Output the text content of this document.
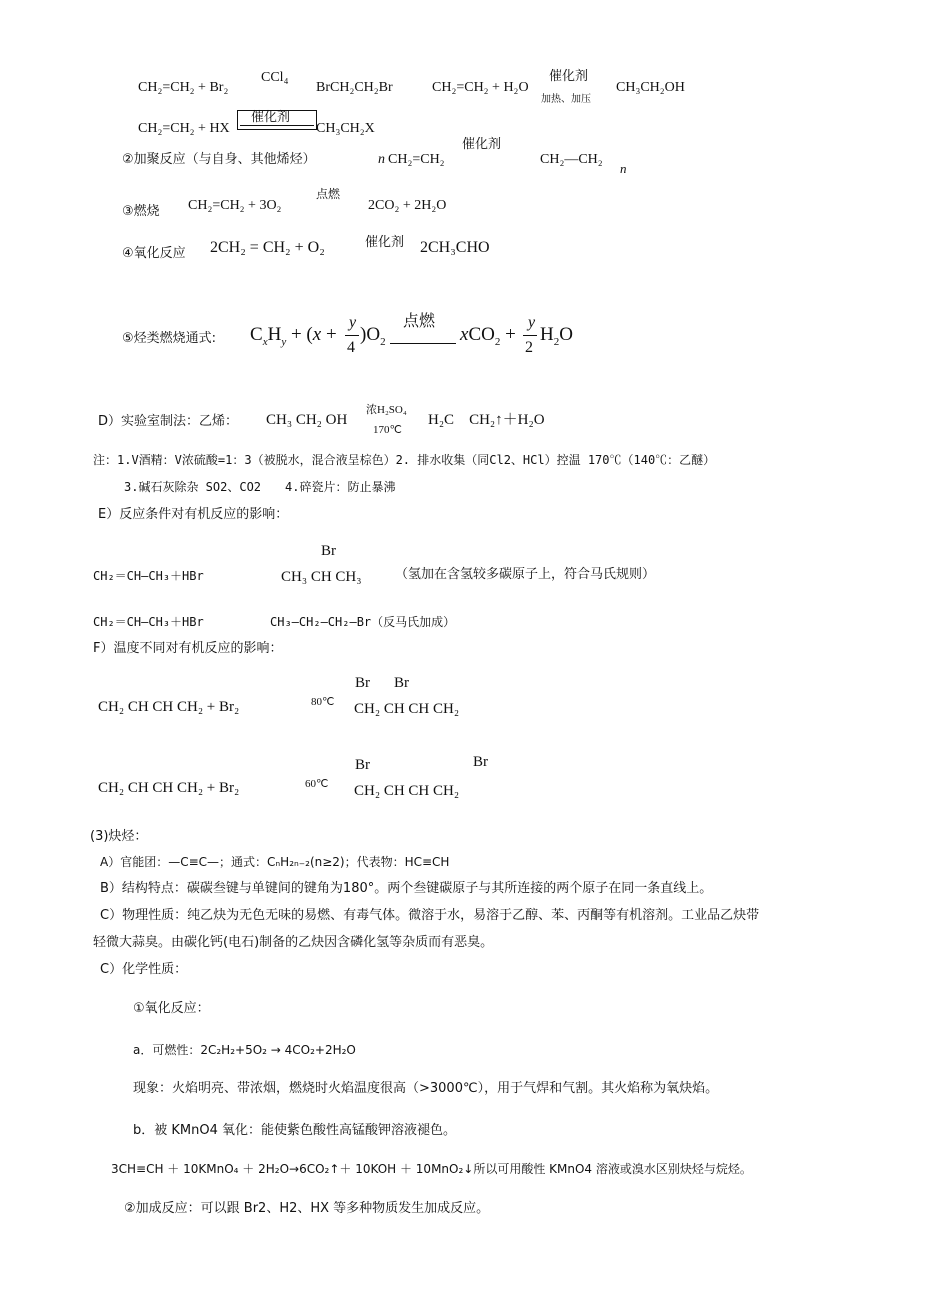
CH₂=CH₂ + Br₂
CCl₄
BrCH₂CH₂Br	CH₂=CH₂ + H₂O
催化剂
加热、加压
CH₃CH₂OH
CH₂=CH₂ + HX
催化剂
CH₃CH₂X
②加聚反应（与自身、其他烯烃）	n CH₂=CH₂
催化剂
CH₂—CH₂
n
③燃烧 CH₂=CH₂ + 3O₂
点燃
2CO₂ + 2H₂O
④氧化反应 2CH₂ = CH₂ + O₂	催化剂 2CH₃CHO
⑤烃类燃烧通式: $C_xH_y + (x$ +
y
4
)$O_2$
点燃
xCO$_2$ +
y
2
$H_2O$
D）实验室制法：乙烯： CH₃ CH₂ OH
浓H₂SO₄
170℃
H₂C　CH₂↑＋H₂O
注：1.V酒精：V浓硫酸=1：3（被脱水，混合液呈棕色）2. 排水收集（同Cl2、HCl）控温 170℃（140℃：乙醚）
3.碱石灰除杂 SO2、CO2　　4.碎瓷片：防止暴沸
E）反应条件对有机反应的影响：
CH₂＝CH—CH₃＋HBr
Br
CH₃ CH CH₃	（氢加在含氢较多碳原子上，符合马氏规则）
CH₂＝CH—CH₃＋HBr	CH₃—CH₂—CH₂—Br（反马氏加成）
F）温度不同对有机反应的影响：
CH₂ CH CH CH₂ + Br₂	80℃
Br Br
CH₂ CH CH CH₂
CH₂ CH CH CH₂ + Br₂	60℃
Br	Br
CH₂ CH CH CH₂
(3)炔烃：
A）官能团：—C≡C—；通式：CₙH₂ₙ₋₂(n≥2)；代表物：HC≡CH
B）结构特点：碳碳叁键与单键间的键角为180°。两个叁键碳原子与其所连接的两个原子在同一条直线上。
C）物理性质：纯乙炔为无色无味的易燃、有毒气体。微溶于水，易溶于乙醇、苯、丙酮等有机溶剂。工业品乙炔带
轻微大蒜臭。由碳化钙(电石)制备的乙炔因含磷化氢等杂质而有恶臭。
C）化学性质：
①氧化反应：
a．可燃性：2C₂H₂+5O₂ → 4CO₂+2H₂O
现象：火焰明亮、带浓烟，燃烧时火焰温度很高（>3000℃），用于气焊和气割。其火焰称为氧炔焰。
b．被 KMnO4 氧化：能使紫色酸性高锰酸钾溶液褪色。
3CH≡CH ＋ 10KMnO₄ ＋ 2H₂O→6CO₂↑＋ 10KOH ＋ 10MnO₂↓所以可用酸性 KMnO4 溶液或溴水区别炔烃与烷烃。
②加成反应：可以跟 Br2、H2、HX 等多种物质发生加成反应。
